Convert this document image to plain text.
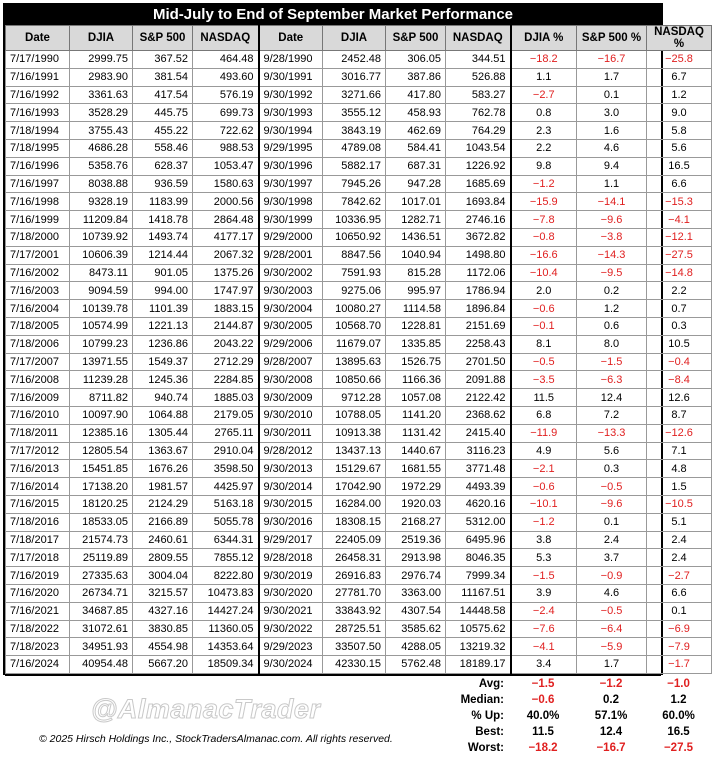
Mid-July to End of September Market Performance
Date	DJIA	S&P 500	NASDAQ	Date	DJIA	S&P 500	NASDAQ	DJIA %	S&P 500 %	NASDAQ %
7/17/1990	2999.75	367.52	464.48	9/28/1990	2452.48	306.05	344.51	−18.2	−16.7	−25.8
7/16/1991	2983.90	381.54	493.60	9/30/1991	3016.77	387.86	526.88	1.1	1.7	6.7
7/16/1992	3361.63	417.54	576.19	9/30/1992	3271.66	417.80	583.27	−2.7	0.1	1.2
7/16/1993	3528.29	445.75	699.73	9/30/1993	3555.12	458.93	762.78	0.8	3.0	9.0
7/18/1994	3755.43	455.22	722.62	9/30/1994	3843.19	462.69	764.29	2.3	1.6	5.8
7/18/1995	4686.28	558.46	988.53	9/29/1995	4789.08	584.41	1043.54	2.2	4.6	5.6
7/16/1996	5358.76	628.37	1053.47	9/30/1996	5882.17	687.31	1226.92	9.8	9.4	16.5
7/16/1997	8038.88	936.59	1580.63	9/30/1997	7945.26	947.28	1685.69	−1.2	1.1	6.6
7/16/1998	9328.19	1183.99	2000.56	9/30/1998	7842.62	1017.01	1693.84	−15.9	−14.1	−15.3
7/16/1999	11209.84	1418.78	2864.48	9/30/1999	10336.95	1282.71	2746.16	−7.8	−9.6	−4.1
7/18/2000	10739.92	1493.74	4177.17	9/29/2000	10650.92	1436.51	3672.82	−0.8	−3.8	−12.1
7/17/2001	10606.39	1214.44	2067.32	9/28/2001	8847.56	1040.94	1498.80	−16.6	−14.3	−27.5
7/16/2002	8473.11	901.05	1375.26	9/30/2002	7591.93	815.28	1172.06	−10.4	−9.5	−14.8
7/16/2003	9094.59	994.00	1747.97	9/30/2003	9275.06	995.97	1786.94	2.0	0.2	2.2
7/16/2004	10139.78	1101.39	1883.15	9/30/2004	10080.27	1114.58	1896.84	−0.6	1.2	0.7
7/18/2005	10574.99	1221.13	2144.87	9/30/2005	10568.70	1228.81	2151.69	−0.1	0.6	0.3
7/18/2006	10799.23	1236.86	2043.22	9/29/2006	11679.07	1335.85	2258.43	8.1	8.0	10.5
7/17/2007	13971.55	1549.37	2712.29	9/28/2007	13895.63	1526.75	2701.50	−0.5	−1.5	−0.4
7/16/2008	11239.28	1245.36	2284.85	9/30/2008	10850.66	1166.36	2091.88	−3.5	−6.3	−8.4
7/16/2009	8711.82	940.74	1885.03	9/30/2009	9712.28	1057.08	2122.42	11.5	12.4	12.6
7/16/2010	10097.90	1064.88	2179.05	9/30/2010	10788.05	1141.20	2368.62	6.8	7.2	8.7
7/18/2011	12385.16	1305.44	2765.11	9/30/2011	10913.38	1131.42	2415.40	−11.9	−13.3	−12.6
7/17/2012	12805.54	1363.67	2910.04	9/28/2012	13437.13	1440.67	3116.23	4.9	5.6	7.1
7/16/2013	15451.85	1676.26	3598.50	9/30/2013	15129.67	1681.55	3771.48	−2.1	0.3	4.8
7/16/2014	17138.20	1981.57	4425.97	9/30/2014	17042.90	1972.29	4493.39	−0.6	−0.5	1.5
7/16/2015	18120.25	2124.29	5163.18	9/30/2015	16284.00	1920.03	4620.16	−10.1	−9.6	−10.5
7/18/2016	18533.05	2166.89	5055.78	9/30/2016	18308.15	2168.27	5312.00	−1.2	0.1	5.1
7/18/2017	21574.73	2460.61	6344.31	9/29/2017	22405.09	2519.36	6495.96	3.8	2.4	2.4
7/17/2018	25119.89	2809.55	7855.12	9/28/2018	26458.31	2913.98	8046.35	5.3	3.7	2.4
7/16/2019	27335.63	3004.04	8222.80	9/30/2019	26916.83	2976.74	7999.34	−1.5	−0.9	−2.7
7/16/2020	26734.71	3215.57	10473.83	9/30/2020	27781.70	3363.00	11167.51	3.9	4.6	6.6
7/16/2021	34687.85	4327.16	14427.24	9/30/2021	33843.92	4307.54	14448.58	−2.4	−0.5	0.1
7/18/2022	31072.61	3830.85	11360.05	9/30/2022	28725.51	3585.62	10575.62	−7.6	−6.4	−6.9
7/18/2023	34951.93	4554.98	14353.64	9/29/2023	33507.50	4288.05	13219.32	−4.1	−5.9	−7.9
7/16/2024	40954.48	5667.20	18509.34	9/30/2024	42330.15	5762.48	18189.17	3.4	1.7	−1.7
	Avg:	−1.5	−1.2	−1.0
	Median:	−0.6	0.2	1.2
	% Up:	40.0%	57.1%	60.0%
	Best:	11.5	12.4	16.5
	Worst:	−18.2	−16.7	−27.5
@AlmanacTrader
© 2025 Hirsch Holdings Inc., StockTradersAlmanac.com. All rights reserved.
